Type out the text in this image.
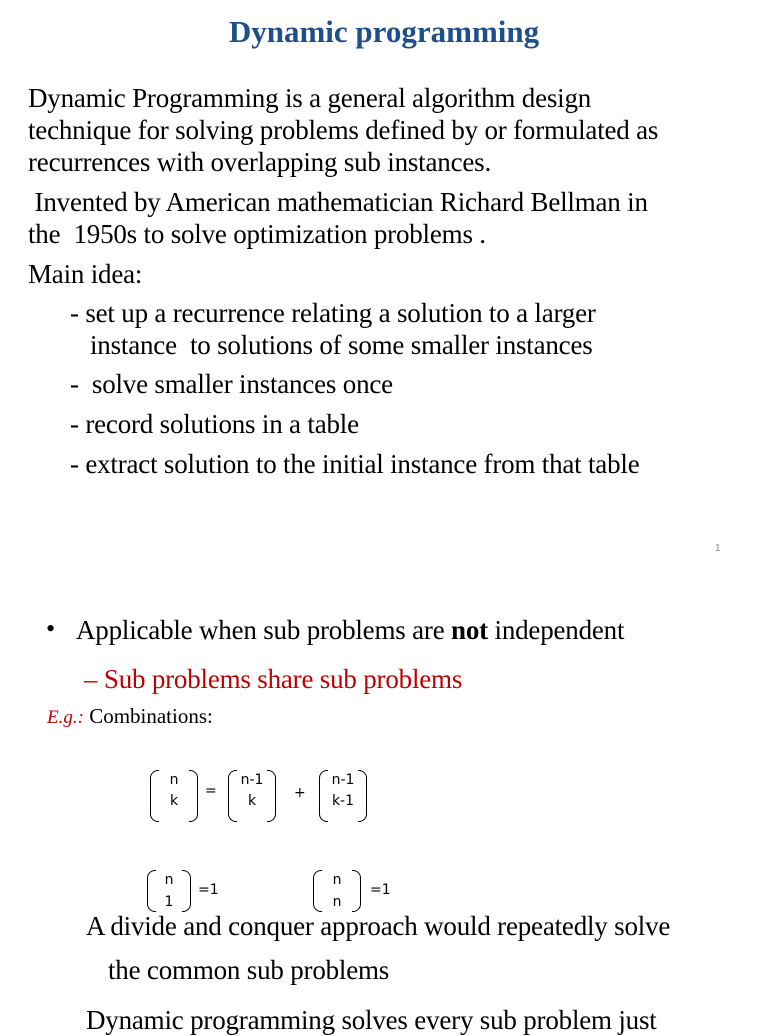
Dynamic programming
Dynamic Programming is a general algorithm design
technique for solving problems defined by or formulated as
recurrences with overlapping sub instances.
Invented by American mathematician Richard Bellman in
the  1950s to solve optimization problems .
Main idea:
- set up a recurrence relating a solution to a larger
instance  to solutions of some smaller instances
-  solve smaller instances once
- record solutions in a table
- extract solution to the initial instance from that table
1
• Applicable when sub problems are not independent
– Sub problems share sub problems
E.g.: Combinations:
n
k
=
n-1
k	+
n-1
k-1
n
1
=1
n
n
=1
A divide and conquer approach would repeatedly solve
the common sub problems
Dynamic programming solves every sub problem just
